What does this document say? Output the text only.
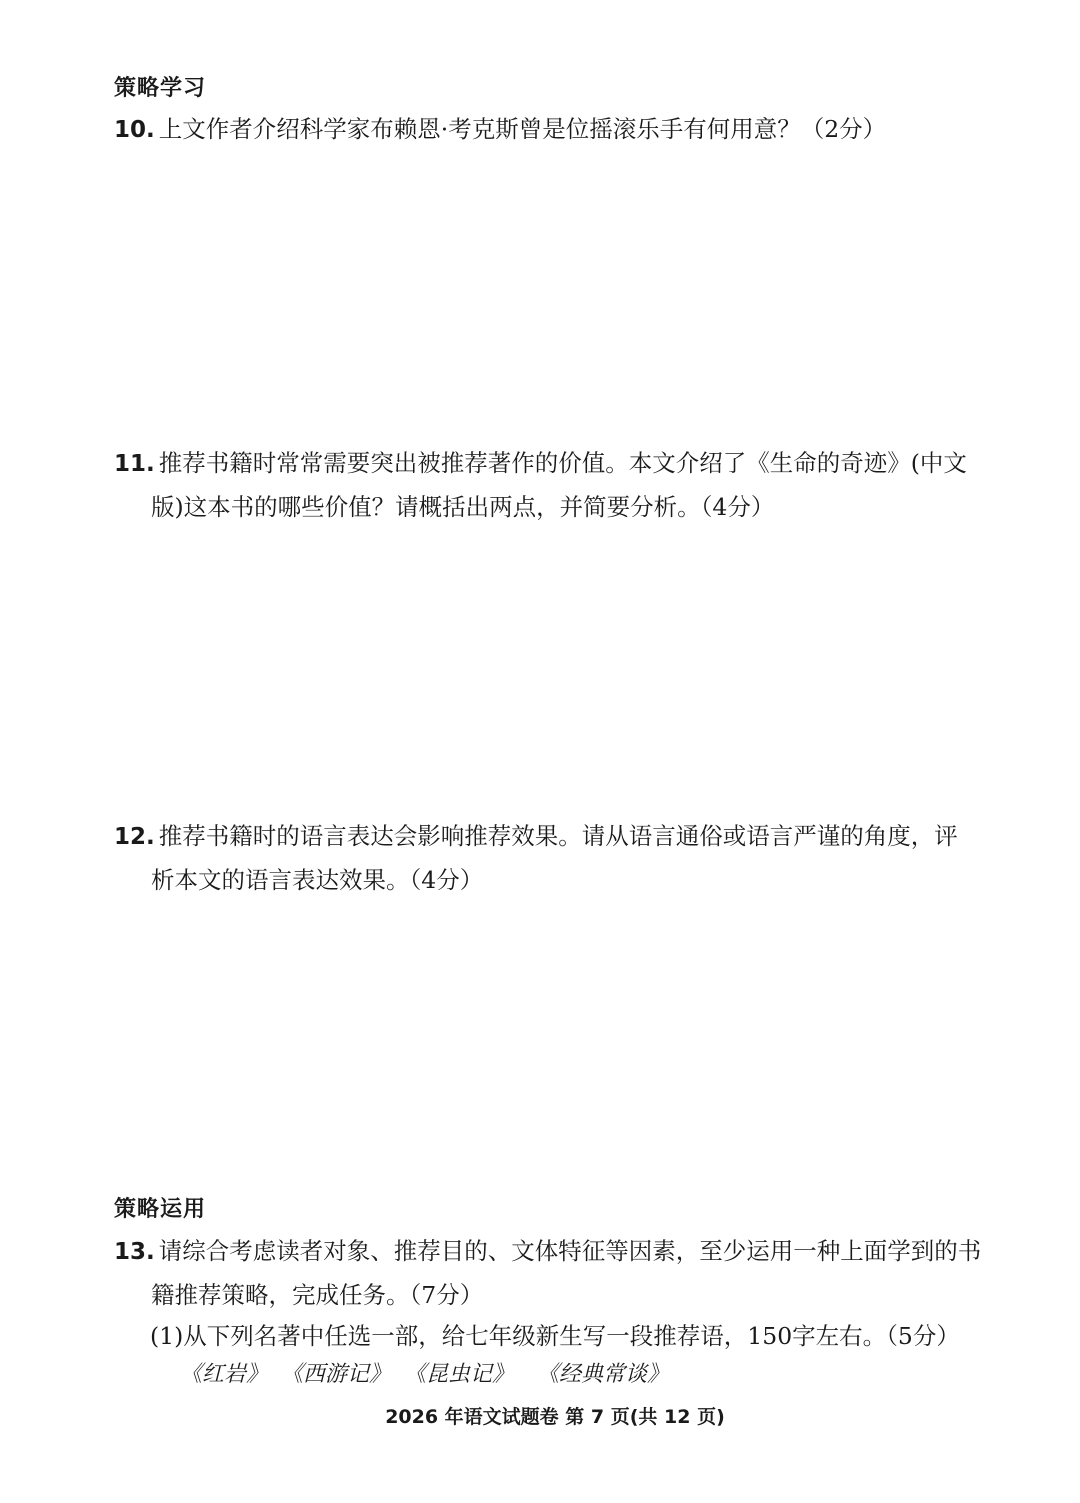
策略学习
10. 上文作者介绍科学家布赖恩·考克斯曾是位摇滚乐手有何用意？（2分）
11. 推荐书籍时常常需要突出被推荐著作的价值。本文介绍了《生命的奇迹》(中文
版)这本书的哪些价值？请概括出两点，并简要分析。（4分）
12. 推荐书籍时的语言表达会影响推荐效果。请从语言通俗或语言严谨的角度，评
析本文的语言表达效果。（4分）
策略运用
13. 请综合考虑读者对象、推荐目的、文体特征等因素，至少运用一种上面学到的书
籍推荐策略，完成任务。（7分）
(1)从下列名著中任选一部，给七年级新生写一段推荐语，150字左右。（5分）
《红岩》 《西游记》 《昆虫记》 《经典常谈》
2026 年语文试题卷 第 7 页(共 12 页)
